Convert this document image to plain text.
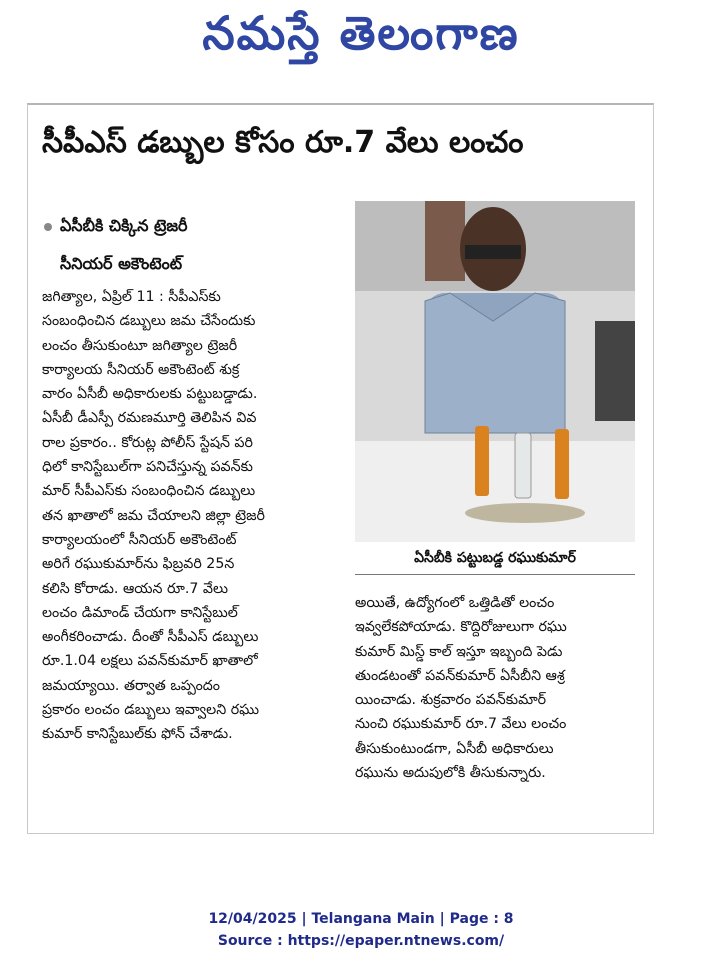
నమస్తే తెలంగాణ
సీపీఎస్ డబ్బుల కోసం రూ.7 వేలు లంచం
ఏసీబీకి చిక్కిన ట్రెజరీ
సీనియర్ అకౌంటెంట్

జగిత్యాల, ఏప్రిల్ 11 : సీపీఎస్‌కు

సంబంధించిన డబ్బులు జమ చేసేందుకు

లంచం తీసుకుంటూ జగిత్యాల ట్రెజరీ

కార్యాలయ సీనియర్ అకౌంటెంట్ శుక్ర

వారం ఏసీబీ అధికారులకు పట్టుబడ్డాడు.

ఏసీబీ డీఎస్పీ రమణమూర్తి తెలిపిన వివ

రాల ప్రకారం.. కోరుట్ల పోలీస్ స్టేషన్ పరి

ధిలో కానిస్టేబుల్‌గా పనిచేస్తున్న పవన్‌కు

మార్ సీపీఎస్‌కు సంబంధించిన డబ్బులు

తన ఖాతాలో జమ చేయాలని జిల్లా ట్రెజరీ

కార్యాలయంలో సీనియర్ అకౌంటెంట్

అరిగే రఘుకుమార్‌ను ఫిబ్రవరి 25న

కలిసి కోరాడు. ఆయన రూ.7 వేలు

లంచం డిమాండ్ చేయగా కానిస్టేబుల్

అంగీకరించాడు. దీంతో సీపీఎస్ డబ్బులు

రూ.1.04 లక్షలు పవన్‌కుమార్ ఖాతాలో

జమయ్యాయి. తర్వాత ఒప్పందం

ప్రకారం లంచం డబ్బులు ఇవ్వాలని రఘు

కుమార్ కానిస్టేబుల్‌కు ఫోన్ చేశాడు.

ఏసీబీకి పట్టుబడ్డ రఘుకుమార్

అయితే, ఉద్యోగంలో ఒత్తిడితో లంచం

ఇవ్వలేకపోయాడు. కొద్దిరోజులుగా రఘు

కుమార్ మిస్డ్ కాల్ ఇస్తూ ఇబ్బంది పెడు

తుండటంతో పవన్‌కుమార్ ఏసీబీని ఆశ్ర

యించాడు. శుక్రవారం పవన్‌కుమార్

నుంచి రఘుకుమార్ రూ.7 వేలు లంచం

తీసుకుంటుండగా, ఏసీబీ అధికారులు

రఘును అదుపులోకి తీసుకున్నారు.

12/04/2025 | Telangana Main | Page : 8
Source : https://epaper.ntnews.com/
